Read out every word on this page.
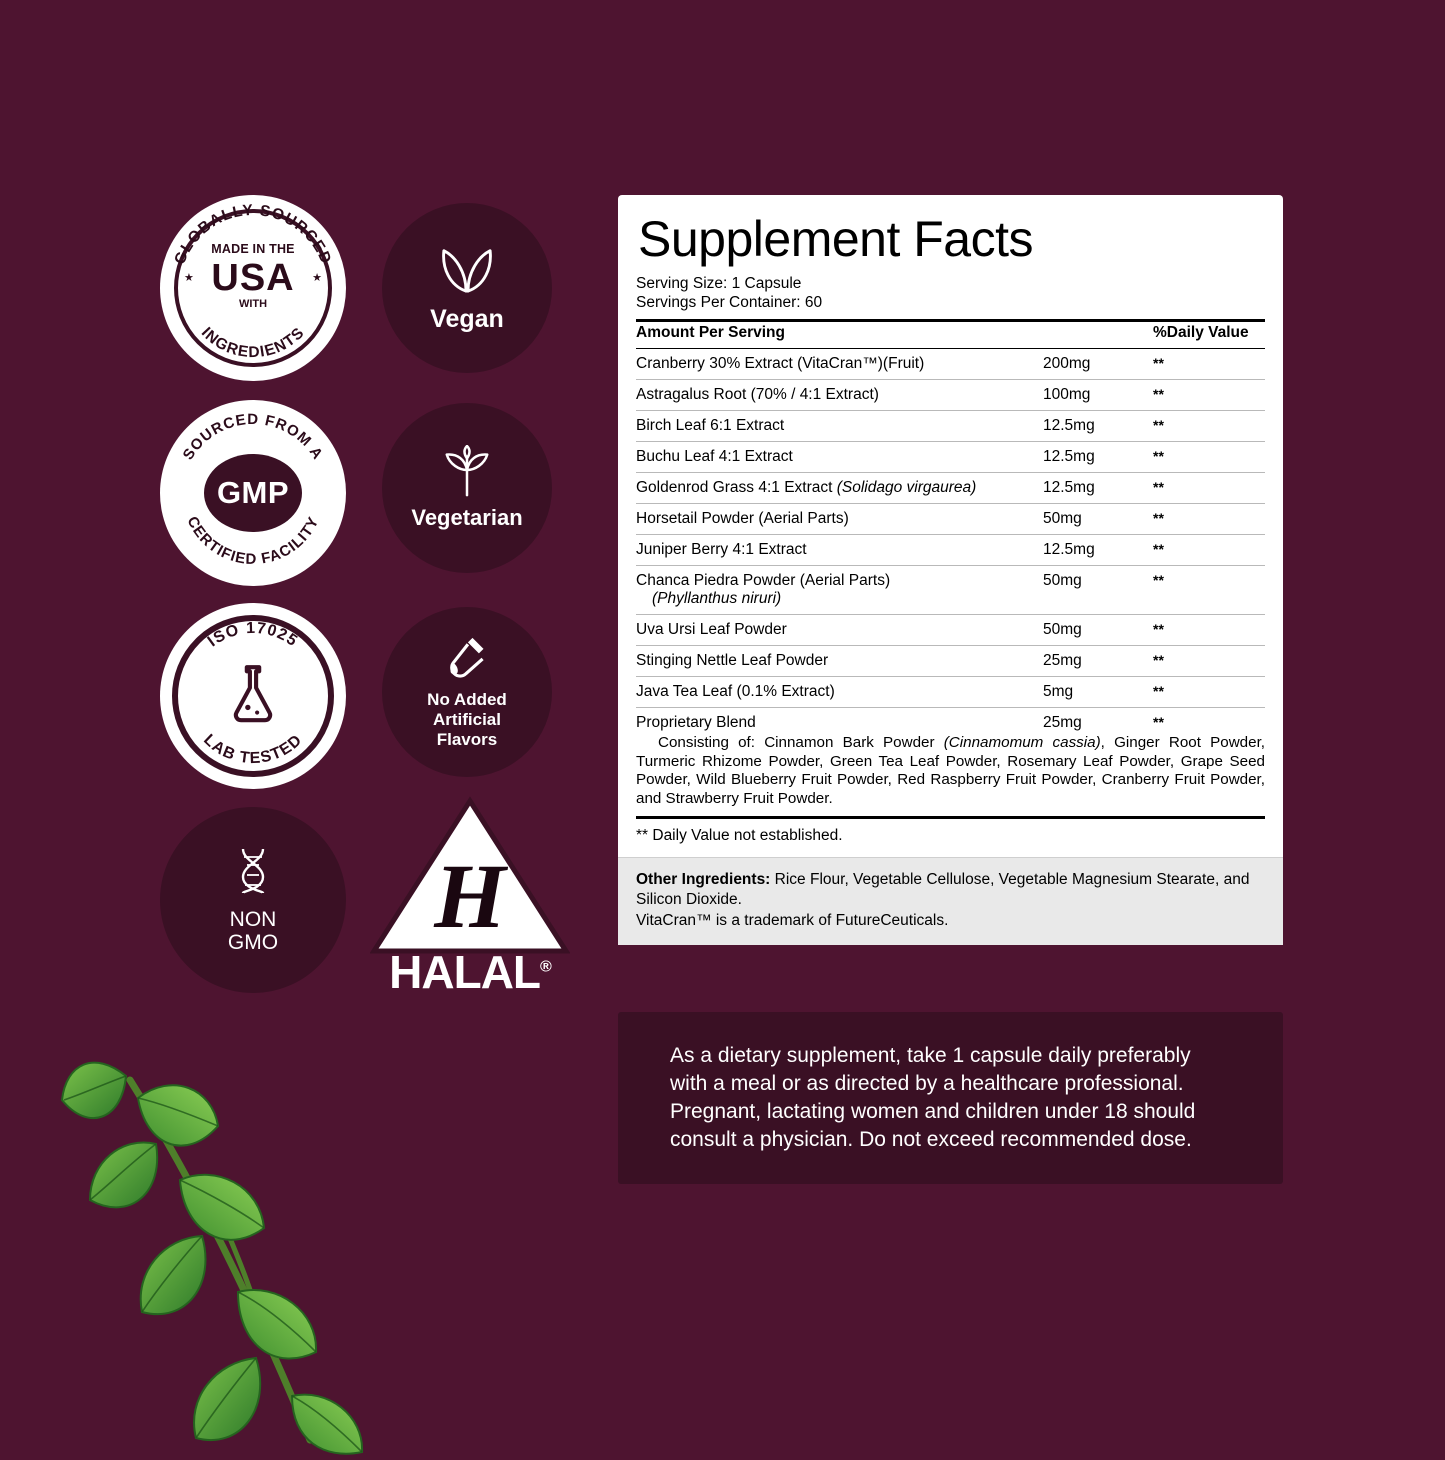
GLOBALLY SOURCED
INGREDIENTS
MADE IN THE
USA
WITH
★	★
SOURCED FROM A
CERTIFIED FACILITY
GMP
ISO 17025
LAB TESTED
NON
GMO
Vegan
Vegetarian
No Added
Artificial
Flavors
H
HALAL®
Supplement Facts
Serving Size: 1 Capsule
Servings Per Container: 60
Amount Per Serving		%Daily Value
Cranberry 30% Extract (VitaCran™)(Fruit)	200mg	**
Astragalus Root (70% / 4:1 Extract)	100mg	**
Birch Leaf 6:1 Extract	12.5mg	**
Buchu Leaf 4:1 Extract	12.5mg	**
Goldenrod Grass 4:1 Extract (Solidago virgaurea)	12.5mg	**
Horsetail Powder (Aerial Parts)	50mg	**
Juniper Berry 4:1 Extract	12.5mg	**
Chanca Piedra Powder (Aerial Parts)
(Phyllanthus niruri)	50mg	**
Uva Ursi Leaf Powder	50mg	**
Stinging Nettle Leaf Powder	25mg	**
Java Tea Leaf (0.1% Extract)	5mg	**
Proprietary Blend	25mg	**
Consisting of: Cinnamon Bark Powder (Cinnamomum cassia), Ginger Root Powder, Turmeric Rhizome Powder, Green Tea Leaf Powder, Rosemary Leaf Powder, Grape Seed Powder, Wild Blueberry Fruit Powder, Red Raspberry Fruit Powder, Cranberry Fruit Powder, and Strawberry Fruit Powder.
** Daily Value not established.
Other Ingredients: Rice Flour, Vegetable Cellulose, Vegetable Magnesium Stearate, and Silicon Dioxide.
VitaCran™ is a trademark of FutureCeuticals.
As a dietary supplement, take 1 capsule daily preferably with a meal or as directed by a healthcare professional. Pregnant, lactating women and children under 18 should consult a physician. Do not exceed recommended dose.
